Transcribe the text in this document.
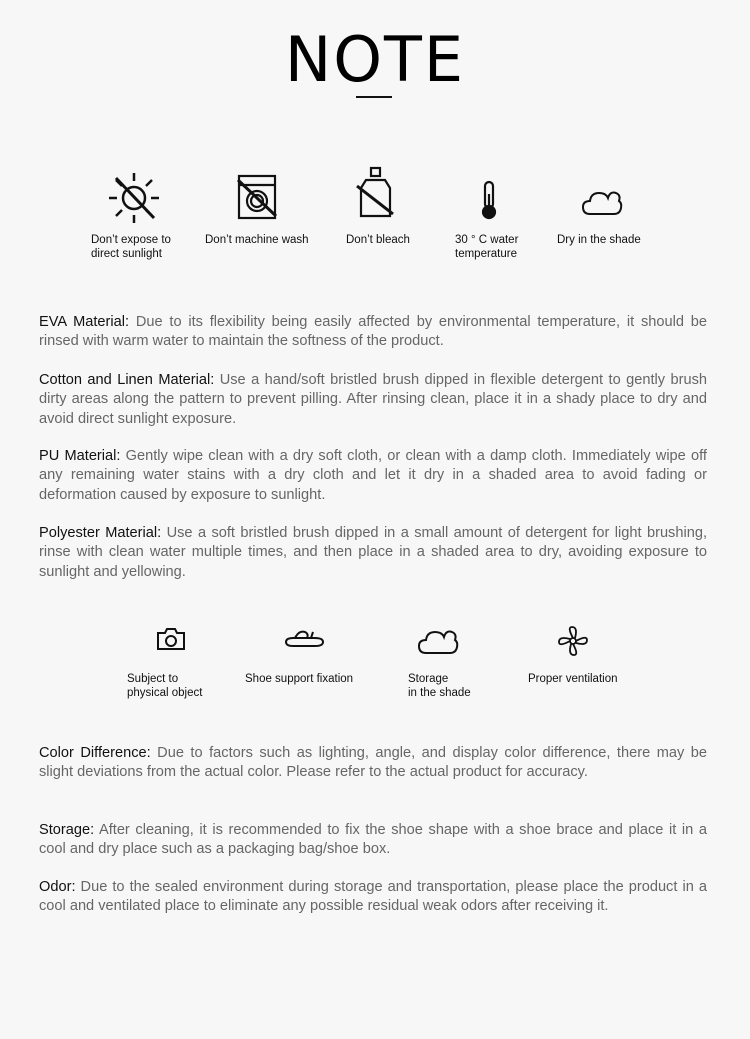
NOTE
Don’t expose to
direct sunlight
Don’t machine wash	Don’t bleach	30 ° C water
temperature
Dry in the shade
EVA Material: Due to its flexibility being easily affected by environmental temperature, it should be rinsed with warm water to maintain the softness of the product.
Cotton and Linen Material: Use a hand/soft bristled brush dipped in flexible detergent to gently brush dirty areas along the pattern to prevent pilling. After rinsing clean, place it in a shady place to dry and avoid direct sunlight exposure.
PU Material: Gently wipe clean with a dry soft cloth, or clean with a damp cloth. Immediately wipe off any remaining water stains with a dry cloth and let it dry in a shaded area to avoid fading or deformation caused by exposure to sunlight.
Polyester Material: Use a soft bristled brush dipped in a small amount of detergent for light brushing, rinse with clean water multiple times, and then place in a shaded area to dry, avoiding exposure to sunlight and yellowing.
Subject to
physical object
Shoe support fixation	Storage
in the shade
Proper ventilation
Color Difference: Due to factors such as lighting, angle, and display color difference, there may be slight deviations from the actual color. Please refer to the actual product for accuracy.
Storage: After cleaning, it is recommended to fix the shoe shape with a shoe brace and place it in a cool and dry place such as a packaging bag/shoe box.
Odor: Due to the sealed environment during storage and transportation, please place the product in a cool and ventilated place to eliminate any possible residual weak odors after receiving it.
